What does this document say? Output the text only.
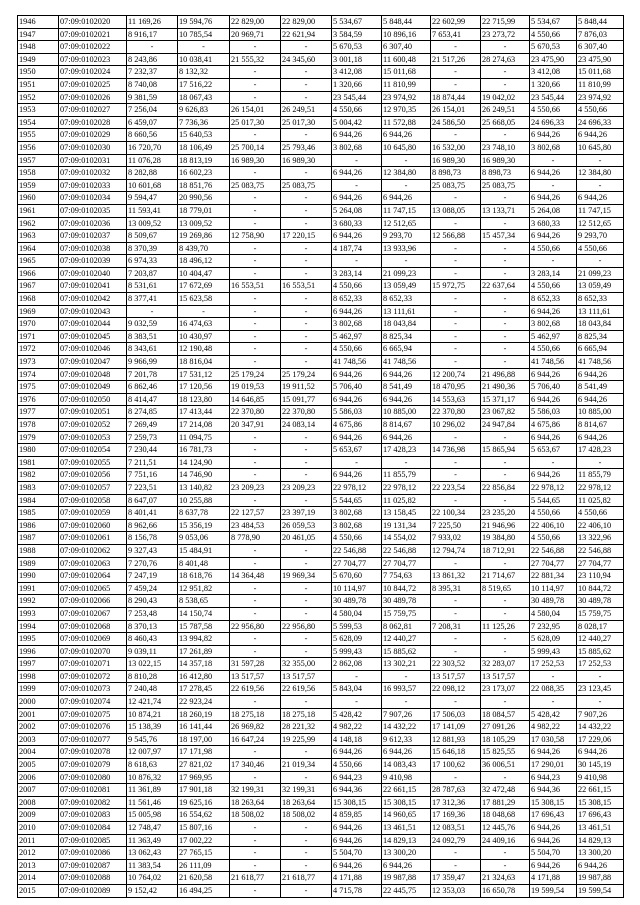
1946	07:09:0102020	11 169,26	19 594,76	22 829,00	22 829,00	5 534,67	5 848,44	22 602,99	22 715,99	5 534,67	5 848,44
1947	07:09:0102021	8 916,17	10 785,54	20 969,71	22 621,94	3 584,59	10 896,16	7 653,41	23 273,72	4 550,66	7 876,03
1948	07:09:0102022	-	-	-	-	5 670,53	6 307,40	-	-	5 670,53	6 307,40
1949	07:09:0102023	8 243,86	10 038,41	21 555,32	24 345,60	3 001,18	11 600,48	21 517,26	28 274,63	23 475,90	23 475,90
1950	07:09:0102024	7 232,37	8 132,32	-	-	3 412,08	15 011,68	-	-	3 412,08	15 011,68
1951	07:09:0102025	8 740,08	17 516,22	-	-	1 320,66	11 810,99	-	-	1 320,66	11 810,99
1952	07:09:0102026	9 381,59	18 067,43	-	-	23 545,44	23 974,92	18 874,44	19 042,02	23 545,44	23 974,92
1953	07:09:0102027	7 256,04	9 626,83	26 154,01	26 249,51	4 550,66	12 970,35	26 154,01	26 249,51	4 550,66	4 550,66
1954	07:09:0102028	6 459,07	7 736,36	25 017,30	25 017,30	5 004,42	11 572,88	24 586,50	25 668,05	24 696,33	24 696,33
1955	07:09:0102029	8 660,56	15 640,53	-	-	6 944,26	6 944,26	-	-	6 944,26	6 944,26
1956	07:09:0102030	16 720,70	18 106,49	25 700,14	25 793,46	3 802,68	10 645,80	16 532,00	23 748,10	3 802,68	10 645,80
1957	07:09:0102031	11 076,28	18 813,19	16 989,30	16 989,30	-	-	16 989,30	16 989,30	-	-
1958	07:09:0102032	8 282,88	16 602,23	-	-	6 944,26	12 384,80	8 898,73	8 898,73	6 944,26	12 384,80
1959	07:09:0102033	10 601,68	18 851,76	25 083,75	25 083,75	-	-	25 083,75	25 083,75	-	-
1960	07:09:0102034	9 594,47	20 990,56	-	-	6 944,26	6 944,26	-	-	6 944,26	6 944,26
1961	07:09:0102035	11 593,41	18 779,01	-	-	5 264,08	11 747,15	13 088,05	13 133,71	5 264,08	11 747,15
1962	07:09:0102036	13 009,52	13 009,52	-	-	3 680,33	12 512,65	-	-	3 680,33	12 512,65
1963	07:09:0102037	8 509,67	19 269,86	12 758,90	17 220,15	6 944,26	9 293,70	12 566,88	15 457,34	6 944,26	9 293,70
1964	07:09:0102038	8 370,39	8 439,70	-	-	4 187,74	13 933,96	-	-	4 550,66	4 550,66
1965	07:09:0102039	6 974,33	18 496,12	-	-	-	-	-	-	-	-
1966	07:09:0102040	7 203,87	10 404,47	-	-	3 283,14	21 099,23	-	-	3 283,14	21 099,23
1967	07:09:0102041	8 531,61	17 672,69	16 553,51	16 553,51	4 550,66	13 059,49	15 972,75	22 637,64	4 550,66	13 059,49
1968	07:09:0102042	8 377,41	15 623,58	-	-	8 652,33	8 652,33	-	-	8 652,33	8 652,33
1969	07:09:0102043	-	-	-	-	6 944,26	13 111,61	-	-	6 944,26	13 111,61
1970	07:09:0102044	9 032,59	16 474,63	-	-	3 802,68	18 043,84	-	-	3 802,68	18 043,84
1971	07:09:0102045	8 383,51	10 430,97	-	-	5 462,97	8 825,34	-	-	5 462,97	8 825,34
1972	07:09:0102046	8 343,61	12 190,48	-	-	4 550,66	6 665,94	-	-	4 550,66	6 665,94
1973	07:09:0102047	9 966,99	18 816,04	-	-	41 748,56	41 748,56	-	-	41 748,56	41 748,56
1974	07:09:0102048	7 201,78	17 531,12	25 179,24	25 179,24	6 944,26	6 944,26	12 200,74	21 496,88	6 944,26	6 944,26
1975	07:09:0102049	6 862,46	17 120,56	19 019,53	19 911,52	5 706,40	8 541,49	18 470,95	21 490,36	5 706,40	8 541,49
1976	07:09:0102050	8 414,47	18 123,80	14 646,85	15 091,77	6 944,26	6 944,26	14 553,63	15 371,17	6 944,26	6 944,26
1977	07:09:0102051	8 274,85	17 413,44	22 370,80	22 370,80	5 586,03	10 885,00	22 370,80	23 067,82	5 586,03	10 885,00
1978	07:09:0102052	7 269,49	17 214,08	20 347,91	24 083,14	4 675,86	8 814,67	10 296,02	24 947,84	4 675,86	8 814,67
1979	07:09:0102053	7 259,73	11 094,75	-	-	6 944,26	6 944,26	-	-	6 944,26	6 944,26
1980	07:09:0102054	7 230,44	16 781,73	-	-	5 653,67	17 428,23	14 736,98	15 865,94	5 653,67	17 428,23
1981	07:09:0102055	7 211,51	14 124,90	-	-	-	-	-	-	-	-
1982	07:09:0102056	7 751,16	14 746,90	-	-	6 944,26	11 855,79	-	-	6 944,26	11 855,79
1983	07:09:0102057	7 223,51	13 140,82	23 209,23	23 209,23	22 978,12	22 978,12	22 223,54	22 856,84	22 978,12	22 978,12
1984	07:09:0102058	8 647,07	10 255,88	-	-	5 544,65	11 025,82	-	-	5 544,65	11 025,82
1985	07:09:0102059	8 401,41	8 637,78	22 127,57	23 397,19	3 802,68	13 158,45	22 100,34	23 235,20	4 550,66	4 550,66
1986	07:09:0102060	8 962,66	15 356,19	23 484,53	26 059,53	3 802,68	19 131,34	7 225,50	21 946,96	22 406,10	22 406,10
1987	07:09:0102061	8 156,78	9 053,06	8 778,90	20 461,05	4 550,66	14 554,02	7 933,02	19 384,80	4 550,66	13 322,96
1988	07:09:0102062	9 327,43	15 484,91	-	-	22 546,88	22 546,88	12 794,74	18 712,91	22 546,88	22 546,88
1989	07:09:0102063	7 270,76	8 401,48	-	-	27 704,77	27 704,77	-	-	27 704,77	27 704,77
1990	07:09:0102064	7 247,19	18 618,76	14 364,48	19 969,34	5 670,60	7 754,63	13 861,32	21 714,67	22 881,34	23 110,94
1991	07:09:0102065	7 459,24	12 951,82	-	-	10 114,97	10 844,72	8 395,31	8 519,65	10 114,97	10 844,72
1992	07:09:0102066	8 290,43	8 538,65	-	-	30 489,78	30 489,78	-	-	30 489,78	30 489,78
1993	07:09:0102067	7 253,48	14 150,74	-	-	4 580,04	15 759,75	-	-	4 580,04	15 759,75
1994	07:09:0102068	8 370,13	15 787,58	22 956,80	22 956,80	5 599,53	8 062,81	7 208,31	11 125,26	7 232,95	8 028,17
1995	07:09:0102069	8 460,43	13 994,82	-	-	5 628,09	12 440,27	-	-	5 628,09	12 440,27
1996	07:09:0102070	9 039,11	17 261,89	-	-	5 999,43	15 885,62	-	-	5 999,43	15 885,62
1997	07:09:0102071	13 022,15	14 357,18	31 597,28	32 355,00	2 862,08	13 302,21	22 303,52	32 283,07	17 252,53	17 252,53
1998	07:09:0102072	8 810,28	16 412,80	13 517,57	13 517,57	-	-	13 517,57	13 517,57	-	-
1999	07:09:0102073	7 240,48	17 278,45	22 619,56	22 619,56	5 843,04	16 993,57	22 098,12	23 173,07	22 088,35	23 123,45
2000	07:09:0102074	12 421,74	22 923,24	-	-	-	-	-	-	-	-
2001	07:09:0102075	10 874,21	18 260,19	18 275,18	18 275,18	5 428,42	7 907,26	17 506,03	18 084,57	5 428,42	7 907,26
2002	07:09:0102076	15 138,39	16 141,44	26 969,82	28 221,32	4 982,22	14 432,22	17 141,09	27 091,26	4 982,22	14 432,22
2003	07:09:0102077	9 545,76	18 197,00	16 647,24	19 225,99	4 148,18	9 612,33	12 881,93	18 105,29	17 030,58	17 229,06
2004	07:09:0102078	12 007,97	17 171,98	-	-	6 944,26	6 944,26	15 646,18	15 825,55	6 944,26	6 944,26
2005	07:09:0102079	8 618,63	27 821,02	17 340,46	21 019,34	4 550,66	14 083,43	17 100,62	36 006,51	17 290,01	30 145,19
2006	07:09:0102080	10 876,32	17 969,95	-	-	6 944,23	9 410,98	-	-	6 944,23	9 410,98
2007	07:09:0102081	11 361,89	17 901,18	32 199,31	32 199,31	6 944,36	22 661,15	28 787,63	32 472,48	6 944,36	22 661,15
2008	07:09:0102082	11 561,46	19 625,16	18 263,64	18 263,64	15 308,15	15 308,15	17 312,36	17 881,29	15 308,15	15 308,15
2009	07:09:0102083	15 005,98	16 554,62	18 508,02	18 508,02	4 859,85	14 960,65	17 169,36	18 048,68	17 696,43	17 696,43
2010	07:09:0102084	12 748,47	15 807,16	-	-	6 944,26	13 461,51	12 083,51	12 445,76	6 944,26	13 461,51
2011	07:09:0102085	11 363,49	17 002,22	-	-	6 944,26	14 829,13	24 092,79	24 409,16	6 944,26	14 829,13
2012	07:09:0102086	13 062,43	27 765,15	-	-	5 504,70	13 300,20	-	-	5 504,70	13 300,20
2013	07:09:0102087	11 383,54	26 111,09	-	-	6 944,26	6 944,26	-	-	6 944,26	6 944,26
2014	07:09:0102088	10 764,02	21 620,58	21 618,77	21 618,77	4 171,88	19 987,88	17 359,47	21 324,63	4 171,88	19 987,88
2015	07:09:0102089	9 152,42	16 494,25	-	-	4 715,78	22 445,75	12 353,03	16 650,78	19 599,54	19 599,54
